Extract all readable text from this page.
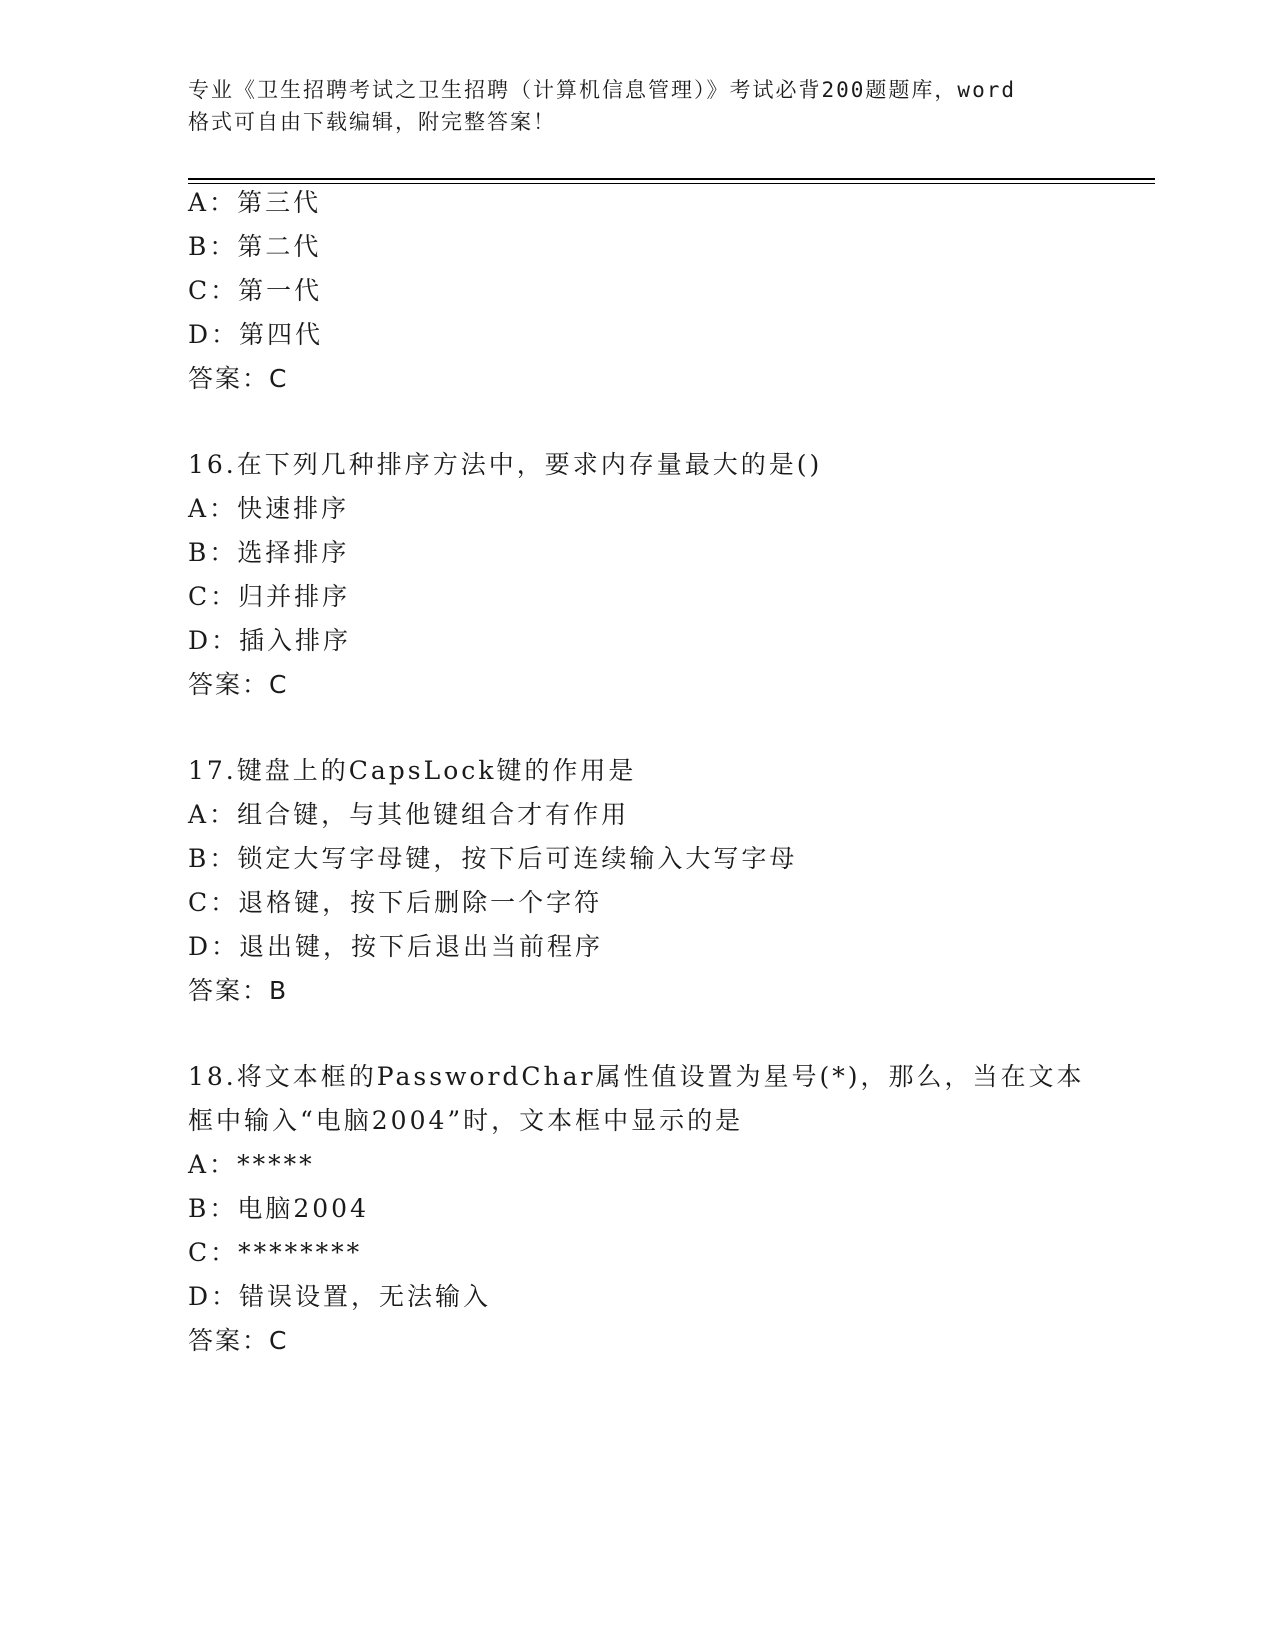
专业《卫生招聘考试之卫生招聘（计算机信息管理）》考试必背200题题库，word
格式可自由下载编辑，附完整答案！
A：第三代
B：第二代
C：第一代
D：第四代
答案：C
16.在下列几种排序方法中，要求内存量最大的是()
A：快速排序
B：选择排序
C：归并排序
D：插入排序
答案：C
17.键盘上的CapsLock键的作用是
A：组合键，与其他键组合才有作用
B：锁定大写字母键，按下后可连续输入大写字母
C：退格键，按下后删除一个字符
D：退出键，按下后退出当前程序
答案：B
18.将文本框的PasswordChar属性值设置为星号(*)，那么，当在文本
框中输入“电脑2004”时，文本框中显示的是
A：*****
B：电脑2004
C：********
D：错误设置，无法输入
答案：C
